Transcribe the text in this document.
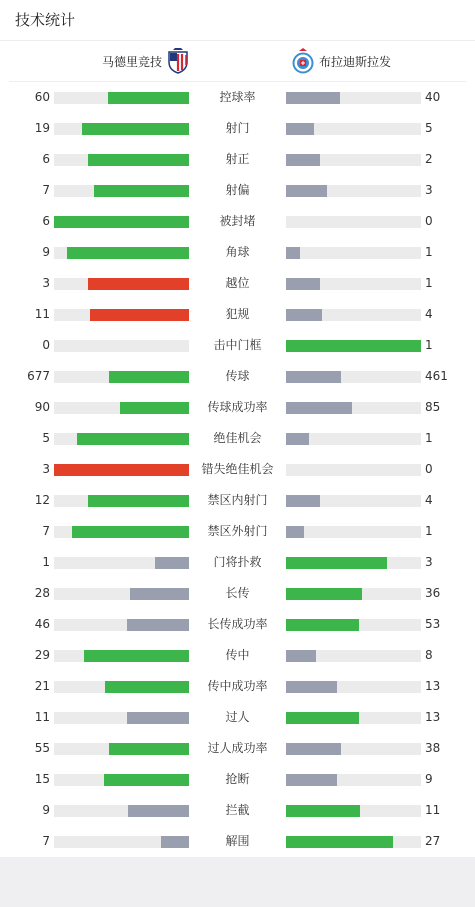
技术统计
马德里竞技	布拉迪斯拉发
60	控球率	40
19	射门	5
6	射正	2
7	射偏	3
6	被封堵	0
9	角球	1
3	越位	1
11	犯规	4
0	击中门框	1
677	传球	461
90	传球成功率	85
5	绝佳机会	1
3	错失绝佳机会	0
12	禁区内射门	4
7	禁区外射门	1
1	门将扑救	3
28	长传	36
46	长传成功率	53
29	传中	8
21	传中成功率	13
11	过人	13
55	过人成功率	38
15	抢断	9
9	拦截	11
7	解围	27
